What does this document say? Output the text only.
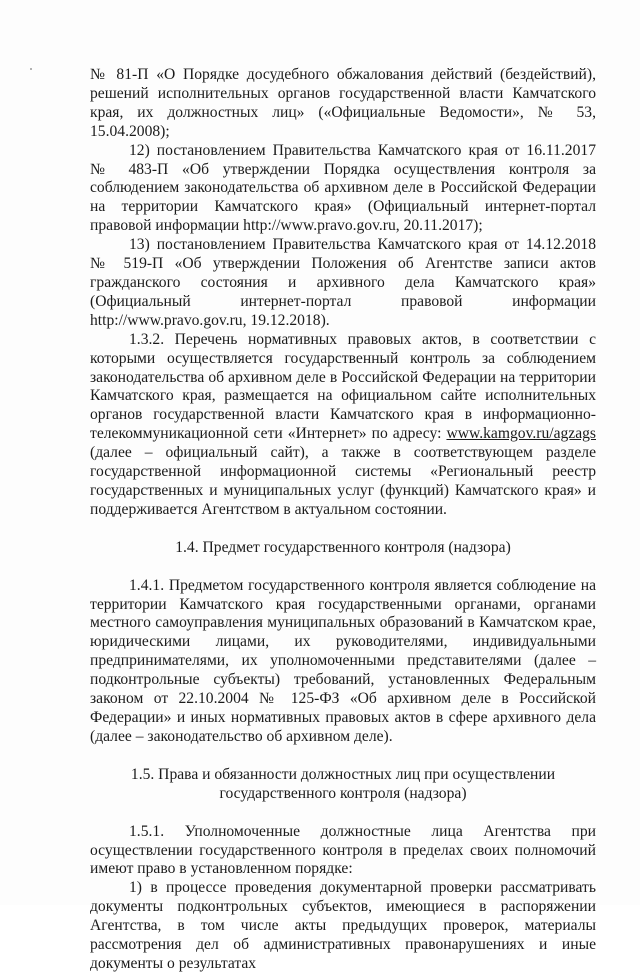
№ 81-П «О Порядке досудебного обжалования действий (бездействий), решений исполнительных органов государственной власти Камчатского края, их должностных лиц» («Официальные Ведомости», № 53, 15.04.2008);

12) постановлением Правительства Камчатского края от 16.11.2017 № 483-П «Об утверждении Порядка осуществления контроля за соблюдением законодательства об архивном деле в Российской Федерации на территории Камчатского края» (Официальный интернет-портал правовой информации http://www.pravo.gov.ru, 20.11.2017);

13) постановлением Правительства Камчатского края от 14.12.2018 № 519-П «Об утверждении Положения об Агентстве записи актов гражданского состояния и архивного дела Камчатского края» (Официальный интернет-портал правовой информации http://www.pravo.gov.ru, 19.12.2018).

1.3.2. Перечень нормативных правовых актов, в соответствии с которыми осуществляется государственный контроль за соблюдением законодательства об архивном деле в Российской Федерации на территории Камчатского края, размещается на официальном сайте исполнительных органов государственной власти Камчатского края в информационно-телекоммуникационной сети «Интернет» по адресу: www.kamgov.ru/agzags (далее – официальный сайт), а также в соответствующем разделе государственной информационной системы «Региональный реестр государственных и муниципальных услуг (функций) Камчатского края» и поддерживается Агентством в актуальном состоянии.

1.4. Предмет государственного контроля (надзора)

1.4.1. Предметом государственного контроля является соблюдение на территории Камчатского края государственными органами, органами местного самоуправления муниципальных образований в Камчатском крае, юридическими лицами, их руководителями, индивидуальными предпринимателями, их уполномоченными представителями (далее – подконтрольные субъекты) требований, установленных Федеральным законом от 22.10.2004 № 125-ФЗ «Об архивном деле в Российской Федерации» и иных нормативных правовых актов в сфере архивного дела (далее – законодательство об архивном деле).

1.5. Права и обязанности должностных лиц при осуществлении государственного контроля (надзора)

1.5.1. Уполномоченные должностные лица Агентства при осуществлении государственного контроля в пределах своих полномочий имеют право в установленном порядке:

1) в процессе проведения документарной проверки рассматривать документы подконтрольных субъектов, имеющиеся в распоряжении Агентства, в том числе акты предыдущих проверок, материалы рассмотрения дел об административных правонарушениях и иные документы о результатах
